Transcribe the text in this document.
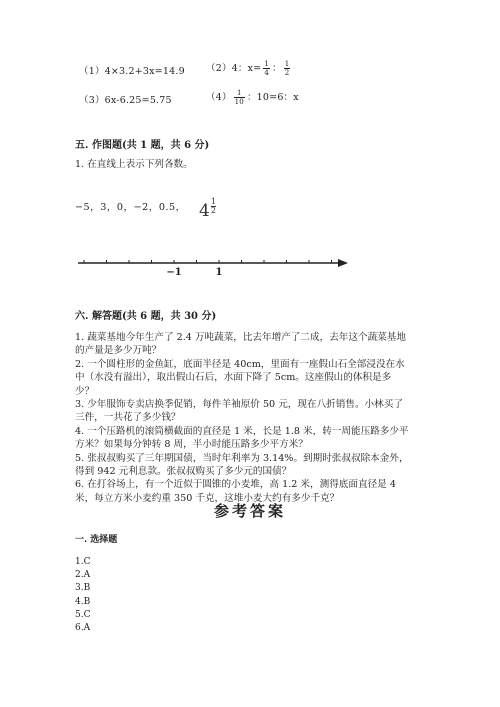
（1）4×3.2+3x=14.9 （2）4：$x= \frac{1}{4}$ ： $\frac{1}{2}$
（3）6x-6.25=5.75	$(4) \frac{1}{10}$ ：10=6：x
五. 作图题(共 1 题，共 6 分)
1. 在直线上表示下列各数。
−5，3，0，−2，0.5， $4 \frac{1}{2}$
−1	1
六. 解答题(共 6 题，共 30 分)
1. 蔬菜基地今年生产了 2.4 万吨蔬菜，比去年增产了二成，去年这个蔬菜基地的产量是多少万吨？
2. 一个圆柱形的金鱼缸，底面半径是 40cm，里面有一座假山石全部浸没在水中（水没有溢出），取出假山石后，水面下降了 5cm。这座假山的体积是多少？
3. 少年服饰专卖店换季促销，每件羊袖原价 50 元，现在八折销售。小林买了三件，一共花了多少钱？
4. 一个压路机的滚筒横截面的直径是 1 米，长是 1.8 米，转一周能压路多少平方米？如果每分钟转 8 周，半小时能压路多少平方米？
5. 张叔叔购买了三年期国债，当时年利率为 3.14%。到期时张叔叔除本金外，得到 942 元利息款。张叔叔购买了多少元的国债？
6. 在打谷场上，有一个近似于圆锥的小麦堆，高 1.2 米，测得底面直径是 4 米，每立方米小麦约重 350 千克，这堆小麦大约有多少千克？
参考答案
一. 选择题
1.C
2.A
3.B
4.B
5.C
6.A
